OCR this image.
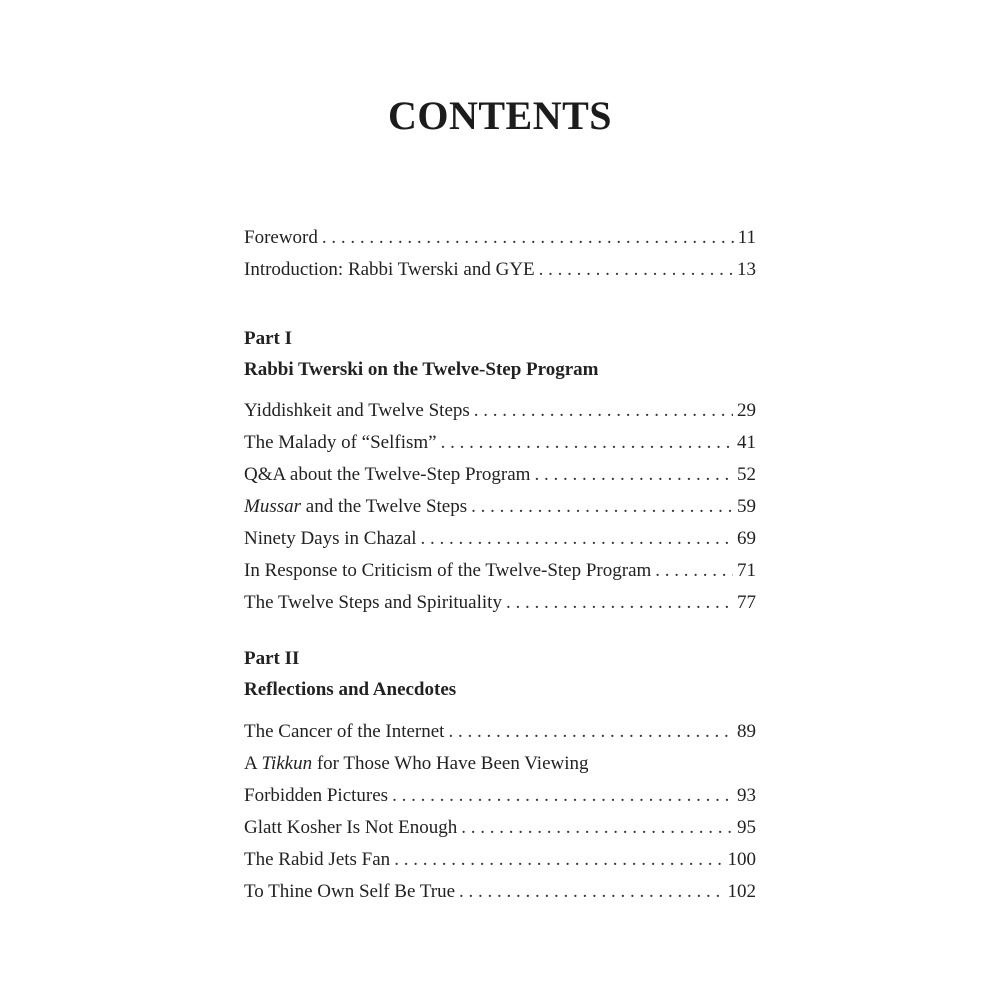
CONTENTS
Foreword . . .	11
Introduction: Rabbi Twerski and GYE . . .	13
Part I
Rabbi Twerski on the Twelve-Step Program
Yiddishkeit and Twelve Steps . . .	29
The Malady of “Selfism” . . .	41
Q&A about the Twelve-Step Program . . .	52
Mussar and the Twelve Steps . . .	59
Ninety Days in Chazal . . .	69
In Response to Criticism of the Twelve-Step Program . . .	71
The Twelve Steps and Spirituality . . .	77
Part II
Reflections and Anecdotes
The Cancer of the Internet . . .	89
A Tikkun for Those Who Have Been Viewing
Forbidden Pictures . . .	93
Glatt Kosher Is Not Enough . . .	95
The Rabid Jets Fan . . .	100
To Thine Own Self Be True . . .	102
